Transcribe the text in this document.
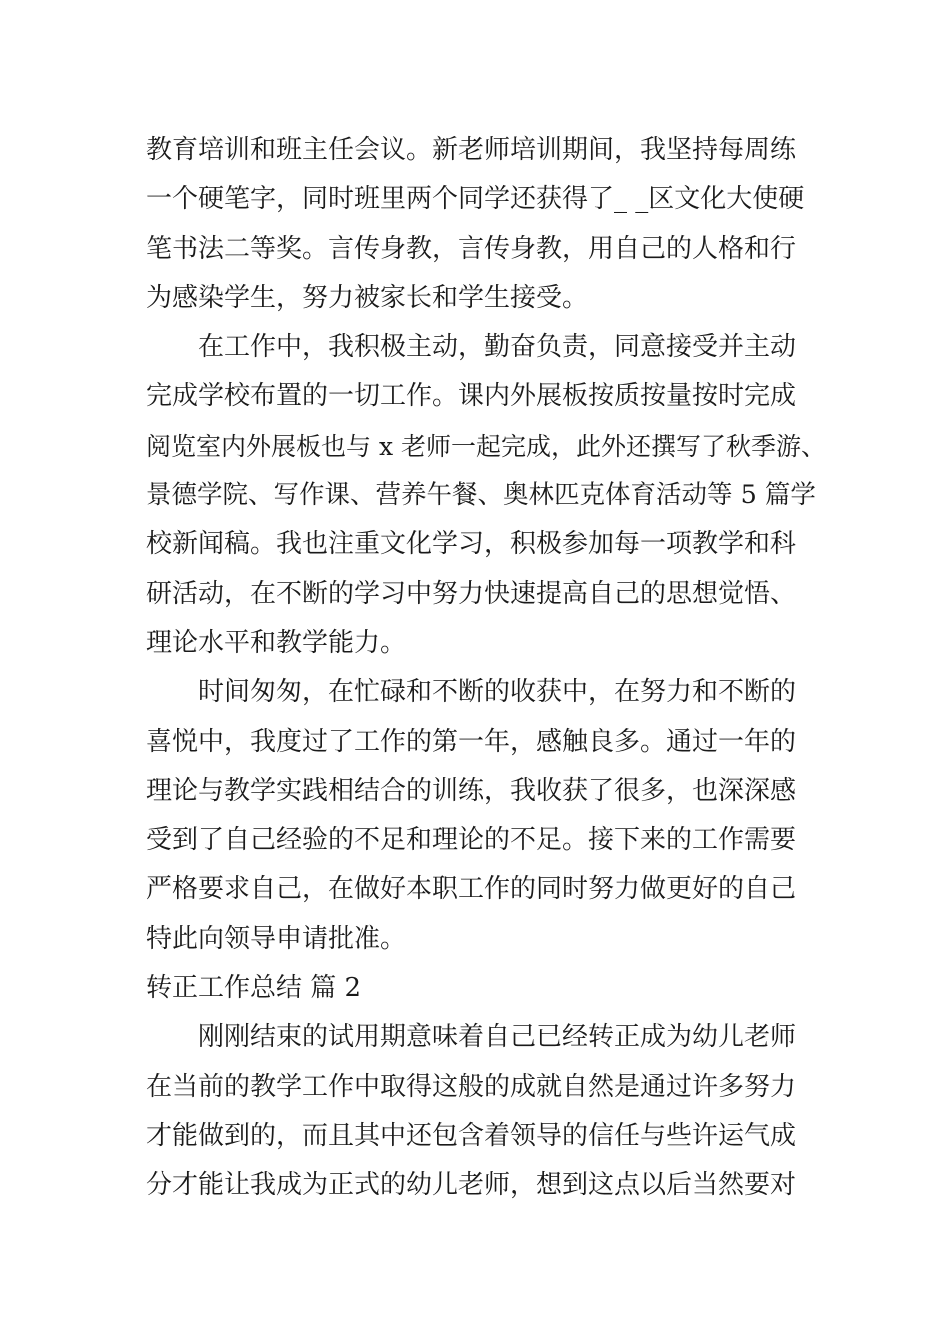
教育培训和班主任会议。新老师培训期间，我坚持每周练

一个硬笔字，同时班里两个同学还获得了_ _区文化大使硬

笔书法二等奖。言传身教，言传身教，用自己的人格和行

为感染学生，努力被家长和学生接受。

在工作中，我积极主动，勤奋负责，同意接受并主动

完成学校布置的一切工作。课内外展板按质按量按时完成

阅览室内外展板也与 x 老师一起完成，此外还撰写了秋季游、

景德学院、写作课、营养午餐、奥林匹克体育活动等 5 篇学

校新闻稿。我也注重文化学习，积极参加每一项教学和科

研活动，在不断的学习中努力快速提高自己的思想觉悟、

理论水平和教学能力。

时间匆匆，在忙碌和不断的收获中，在努力和不断的

喜悦中，我度过了工作的第一年，感触良多。通过一年的

理论与教学实践相结合的训练，我收获了很多，也深深感

受到了自己经验的不足和理论的不足。接下来的工作需要

严格要求自己，在做好本职工作的同时努力做更好的自己

特此向领导申请批准。

转正工作总结 篇 2

刚刚结束的试用期意味着自己已经转正成为幼儿老师

在当前的教学工作中取得这般的成就自然是通过许多努力

才能做到的，而且其中还包含着领导的信任与些许运气成

分才能让我成为正式的幼儿老师，想到这点以后当然要对
